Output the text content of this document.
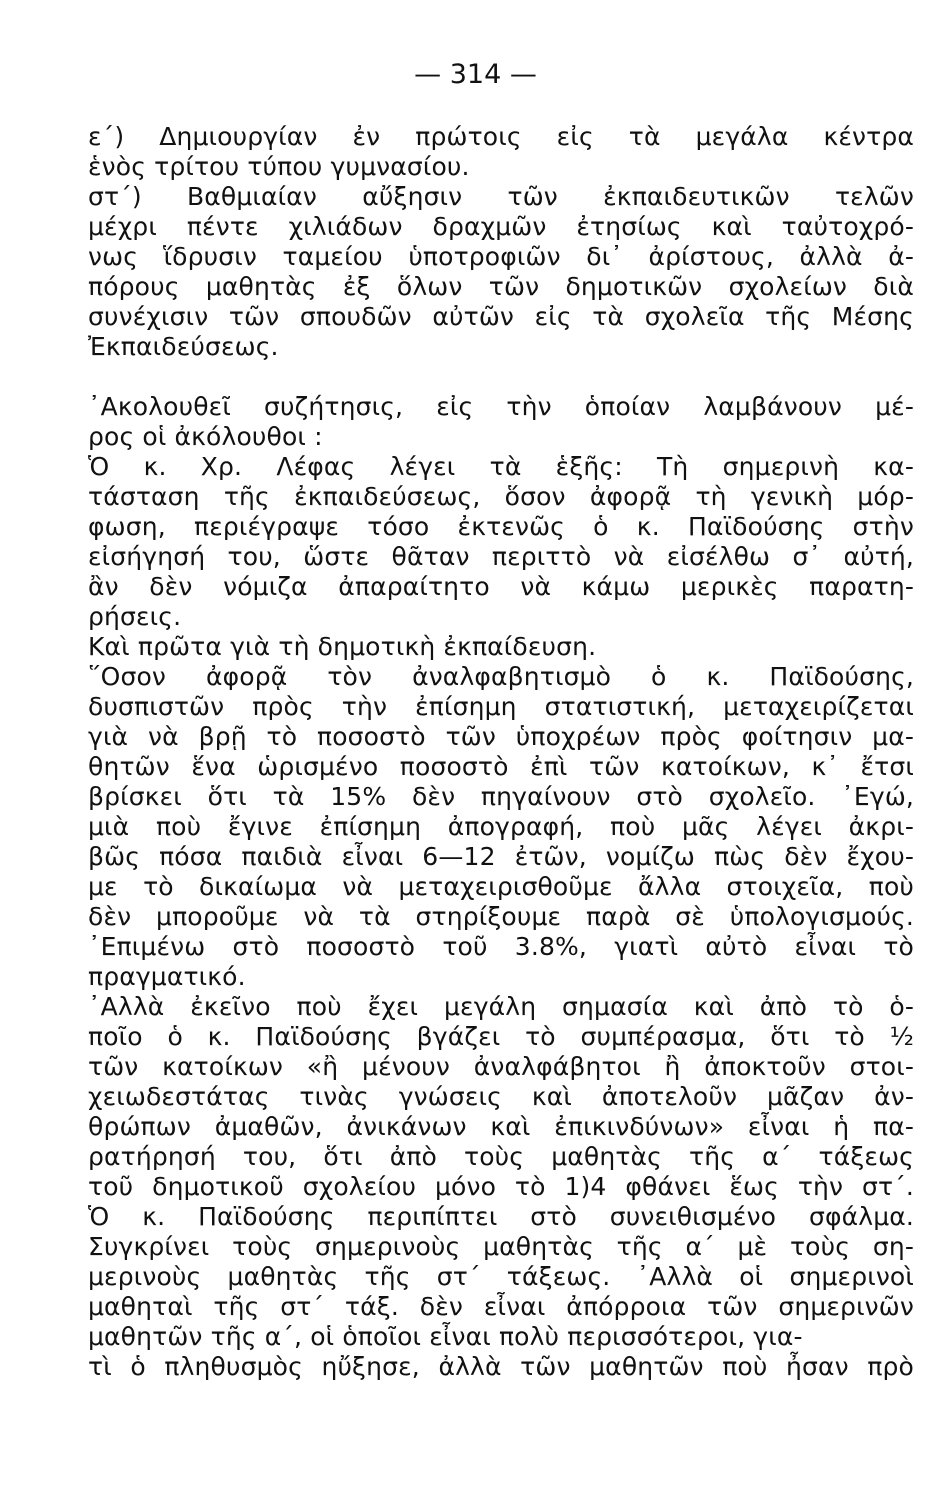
— 314 —
ε΄) Δημιουργίαν ἐν πρώτοις εἰς τὰ μεγάλα κέντρα
ἑνὸς τρίτου τύπου γυμνασίου.
στ΄) Βαθμιαίαν αὔξησιν τῶν ἐκπαιδευτικῶν τελῶν
μέχρι πέντε χιλιάδων δραχμῶν ἐτησίως καὶ ταὐτοχρό-
νως ἵδρυσιν ταμείου ὑποτροφιῶν δι᾽ ἀρίστους, ἀλλὰ ἀ-
πόρους μαθητὰς ἐξ ὅλων τῶν δημοτικῶν σχολείων διὰ
συνέχισιν τῶν σπουδῶν αὐτῶν εἰς τὰ σχολεῖα τῆς Μέσης
Ἐκπαιδεύσεως.
᾽Ακολουθεῖ συζήτησις, εἰς τὴν ὁποίαν λαμβάνουν μέ-
ρος οἱ ἀκόλουθοι :
Ὁ κ. Χρ. Λέφας λέγει τὰ ἑξῆς: Τὴ σημερινὴ κα-
τάσταση τῆς ἐκπαιδεύσεως, ὅσον ἀφορᾷ τὴ γενικὴ μόρ-
φωση, περιέγραψε τόσο ἐκτενῶς ὁ κ. Παϊδούσης στὴν
εἰσήγησή του, ὥστε θᾶταν περιττὸ νὰ εἰσέλθω σ᾽ αὐτή,
ἂν δὲν νόμιζα ἀπαραίτητο νὰ κάμω μερικὲς παρατη-
ρήσεις.
Καὶ πρῶτα γιὰ τὴ δημοτικὴ ἐκπαίδευση.
῞Οσον ἀφορᾷ τὸν ἀναλφαβητισμὸ ὁ κ. Παϊδούσης,
δυσπιστῶν πρὸς τὴν ἐπίσημη στατιστική, μεταχειρίζεται
γιὰ νὰ βρῇ τὸ ποσοστὸ τῶν ὑποχρέων πρὸς φοίτησιν μα-
θητῶν ἕνα ὡρισμένο ποσοστὸ ἐπὶ τῶν κατοίκων, κ᾽ ἔτσι
βρίσκει ὅτι τὰ 15% δὲν πηγαίνουν στὸ σχολεῖο. ᾽Εγώ,
μιὰ ποὺ ἔγινε ἐπίσημη ἀπογραφή, ποὺ μᾶς λέγει ἀκρι-
βῶς πόσα παιδιὰ εἶναι 6—12 ἐτῶν, νομίζω πὼς δὲν ἔχου-
με τὸ δικαίωμα νὰ μεταχειρισθοῦμε ἄλλα στοιχεῖα, ποὺ
δὲν μποροῦμε νὰ τὰ στηρίξουμε παρὰ σὲ ὑπολογισμούς.
᾽Επιμένω στὸ ποσοστὸ τοῦ 3.8%, γιατὶ αὐτὸ εἶναι τὸ
πραγματικό.
᾽Αλλὰ ἐκεῖνο ποὺ ἔχει μεγάλη σημασία καὶ ἀπὸ τὸ ὁ-
ποῖο ὁ κ. Παϊδούσης βγάζει τὸ συμπέρασμα, ὅτι τὸ ½
τῶν κατοίκων «ἢ μένουν ἀναλφάβητοι ἢ ἀποκτοῦν στοι-
χειωδεστάτας τινὰς γνώσεις καὶ ἀποτελοῦν μᾶζαν ἀν-
θρώπων ἀμαθῶν, ἀνικάνων καὶ ἐπικινδύνων» εἶναι ἡ πα-
ρατήρησή του, ὅτι ἀπὸ τοὺς μαθητὰς τῆς α΄ τάξεως
τοῦ δημοτικοῦ σχολείου μόνο τὸ 1)4 φθάνει ἕως τὴν στ΄.
Ὁ κ. Παϊδούσης περιπίπτει στὸ συνειθισμένο σφάλμα.
Συγκρίνει τοὺς σημερινοὺς μαθητὰς τῆς α΄ μὲ τοὺς ση-
μερινοὺς μαθητὰς τῆς στ΄ τάξεως. ᾽Αλλὰ οἱ σημερινοὶ
μαθηταὶ τῆς στ΄ τάξ. δὲν εἶναι ἀπόρροια τῶν σημερινῶν
μαθητῶν τῆς α΄, οἱ ὁποῖοι εἶναι πολὺ περισσότεροι, για-
τὶ ὁ πληθυσμὸς ηὔξησε, ἀλλὰ τῶν μαθητῶν ποὺ ἦσαν πρὸ
